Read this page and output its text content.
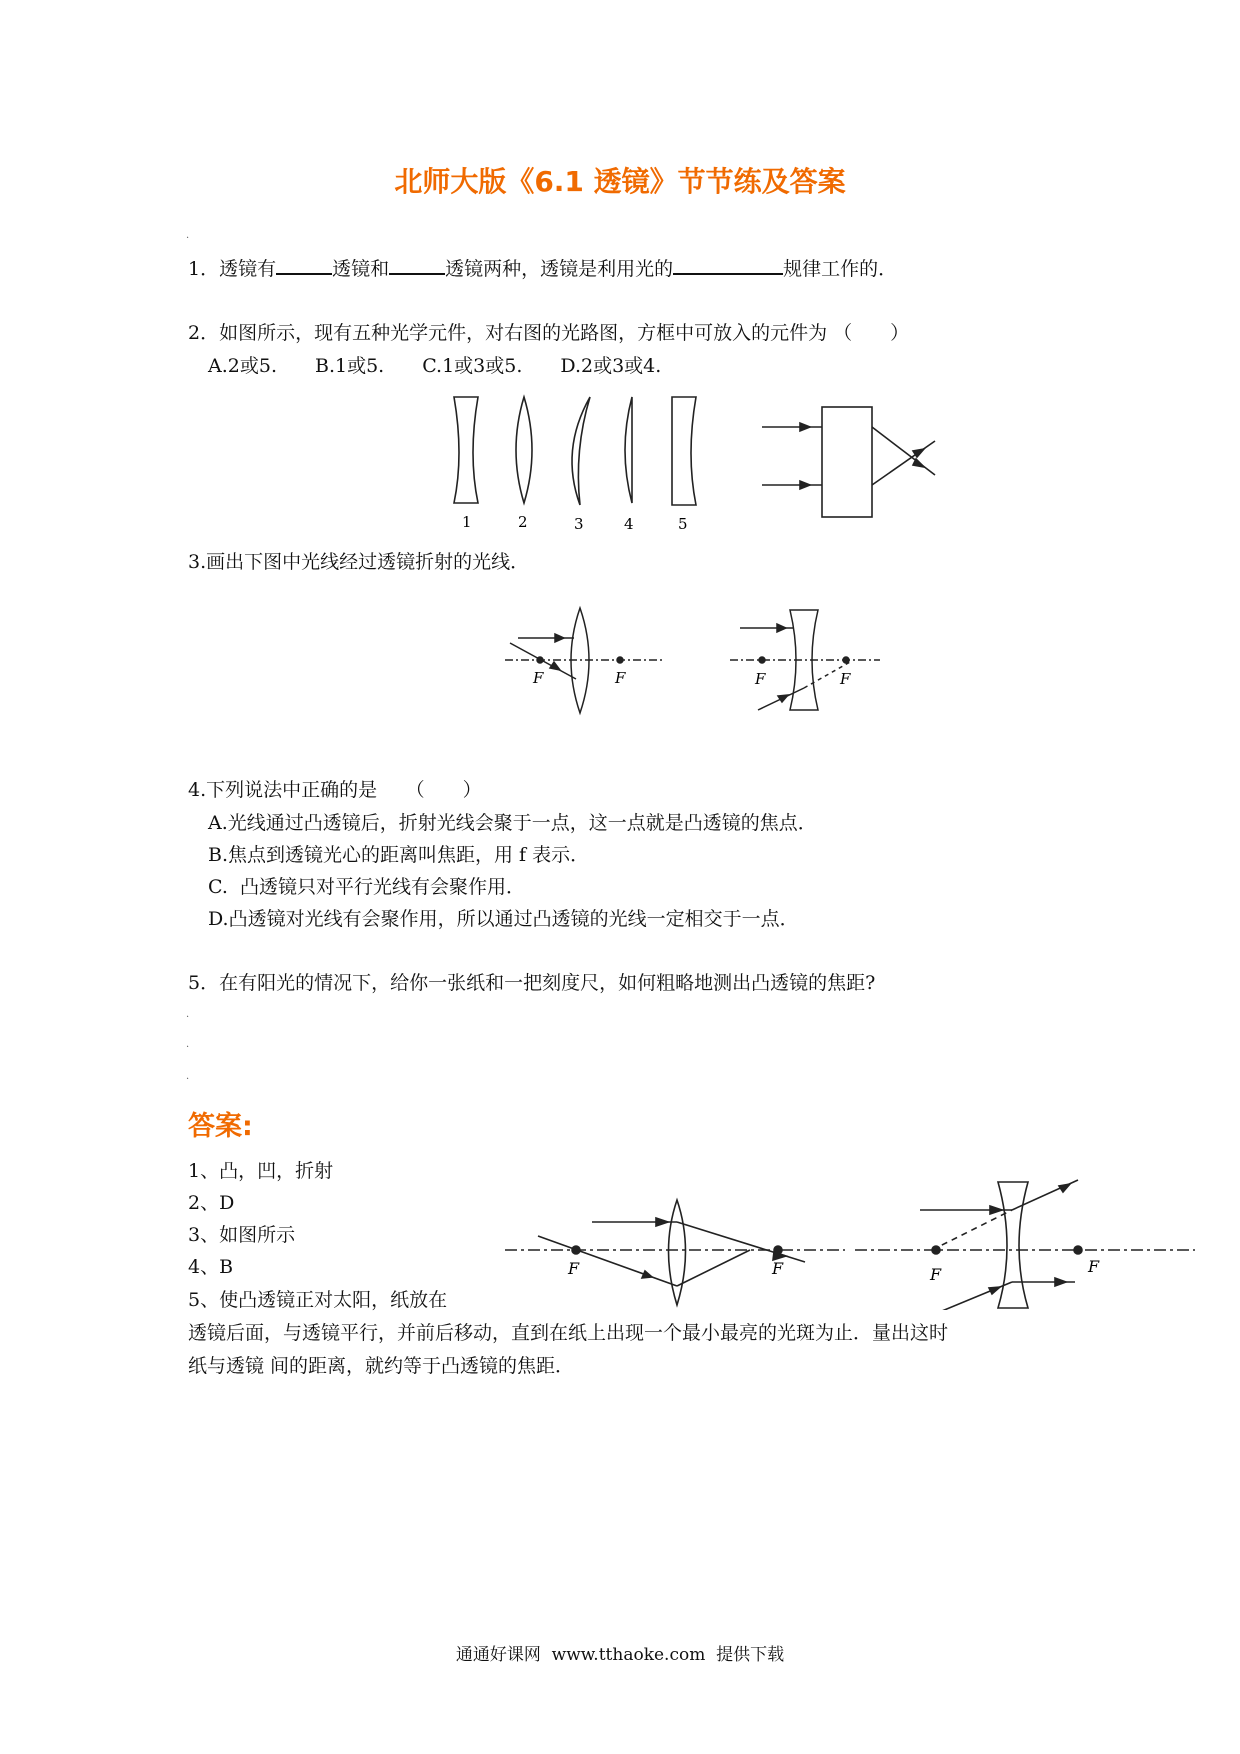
北师大版《6.1 透镜》节节练及答案
·
1．透镜有	透镜和	透镜两种，透镜是利用光的	规律工作的．
2．如图所示，现有五种光学元件，对右图的光路图，方框中可放入的元件为 （　　）
A.2或5.　　B.1或5.　　C.1或3或5.　　D.2或3或4.
1	2	3	4	5
3.画出下图中光线经过透镜折射的光线．
F	F	F	F
4.下列说法中正确的是　　（　　）
A.光线通过凸透镜后，折射光线会聚于一点，这一点就是凸透镜的焦点．
B.焦点到透镜光心的距离叫焦距，用 f 表示．
C.  凸透镜只对平行光线有会聚作用．
D.凸透镜对光线有会聚作用，所以通过凸透镜的光线一定相交于一点．
5．在有阳光的情况下，给你一张纸和一把刻度尺，如何粗略地测出凸透镜的焦距?
·
·
·
答案:
1、凸，凹，折射
2、D
3、如图所示
4、B
5、使凸透镜正对太阳，纸放在
透镜后面，与透镜平行，并前后移动，直到在纸上出现一个最小最亮的光斑为止．量出这时
纸与透镜 间的距离，就约等于凸透镜的焦距．
F	F	F	F
通通好课网  www.tthaoke.com  提供下载
